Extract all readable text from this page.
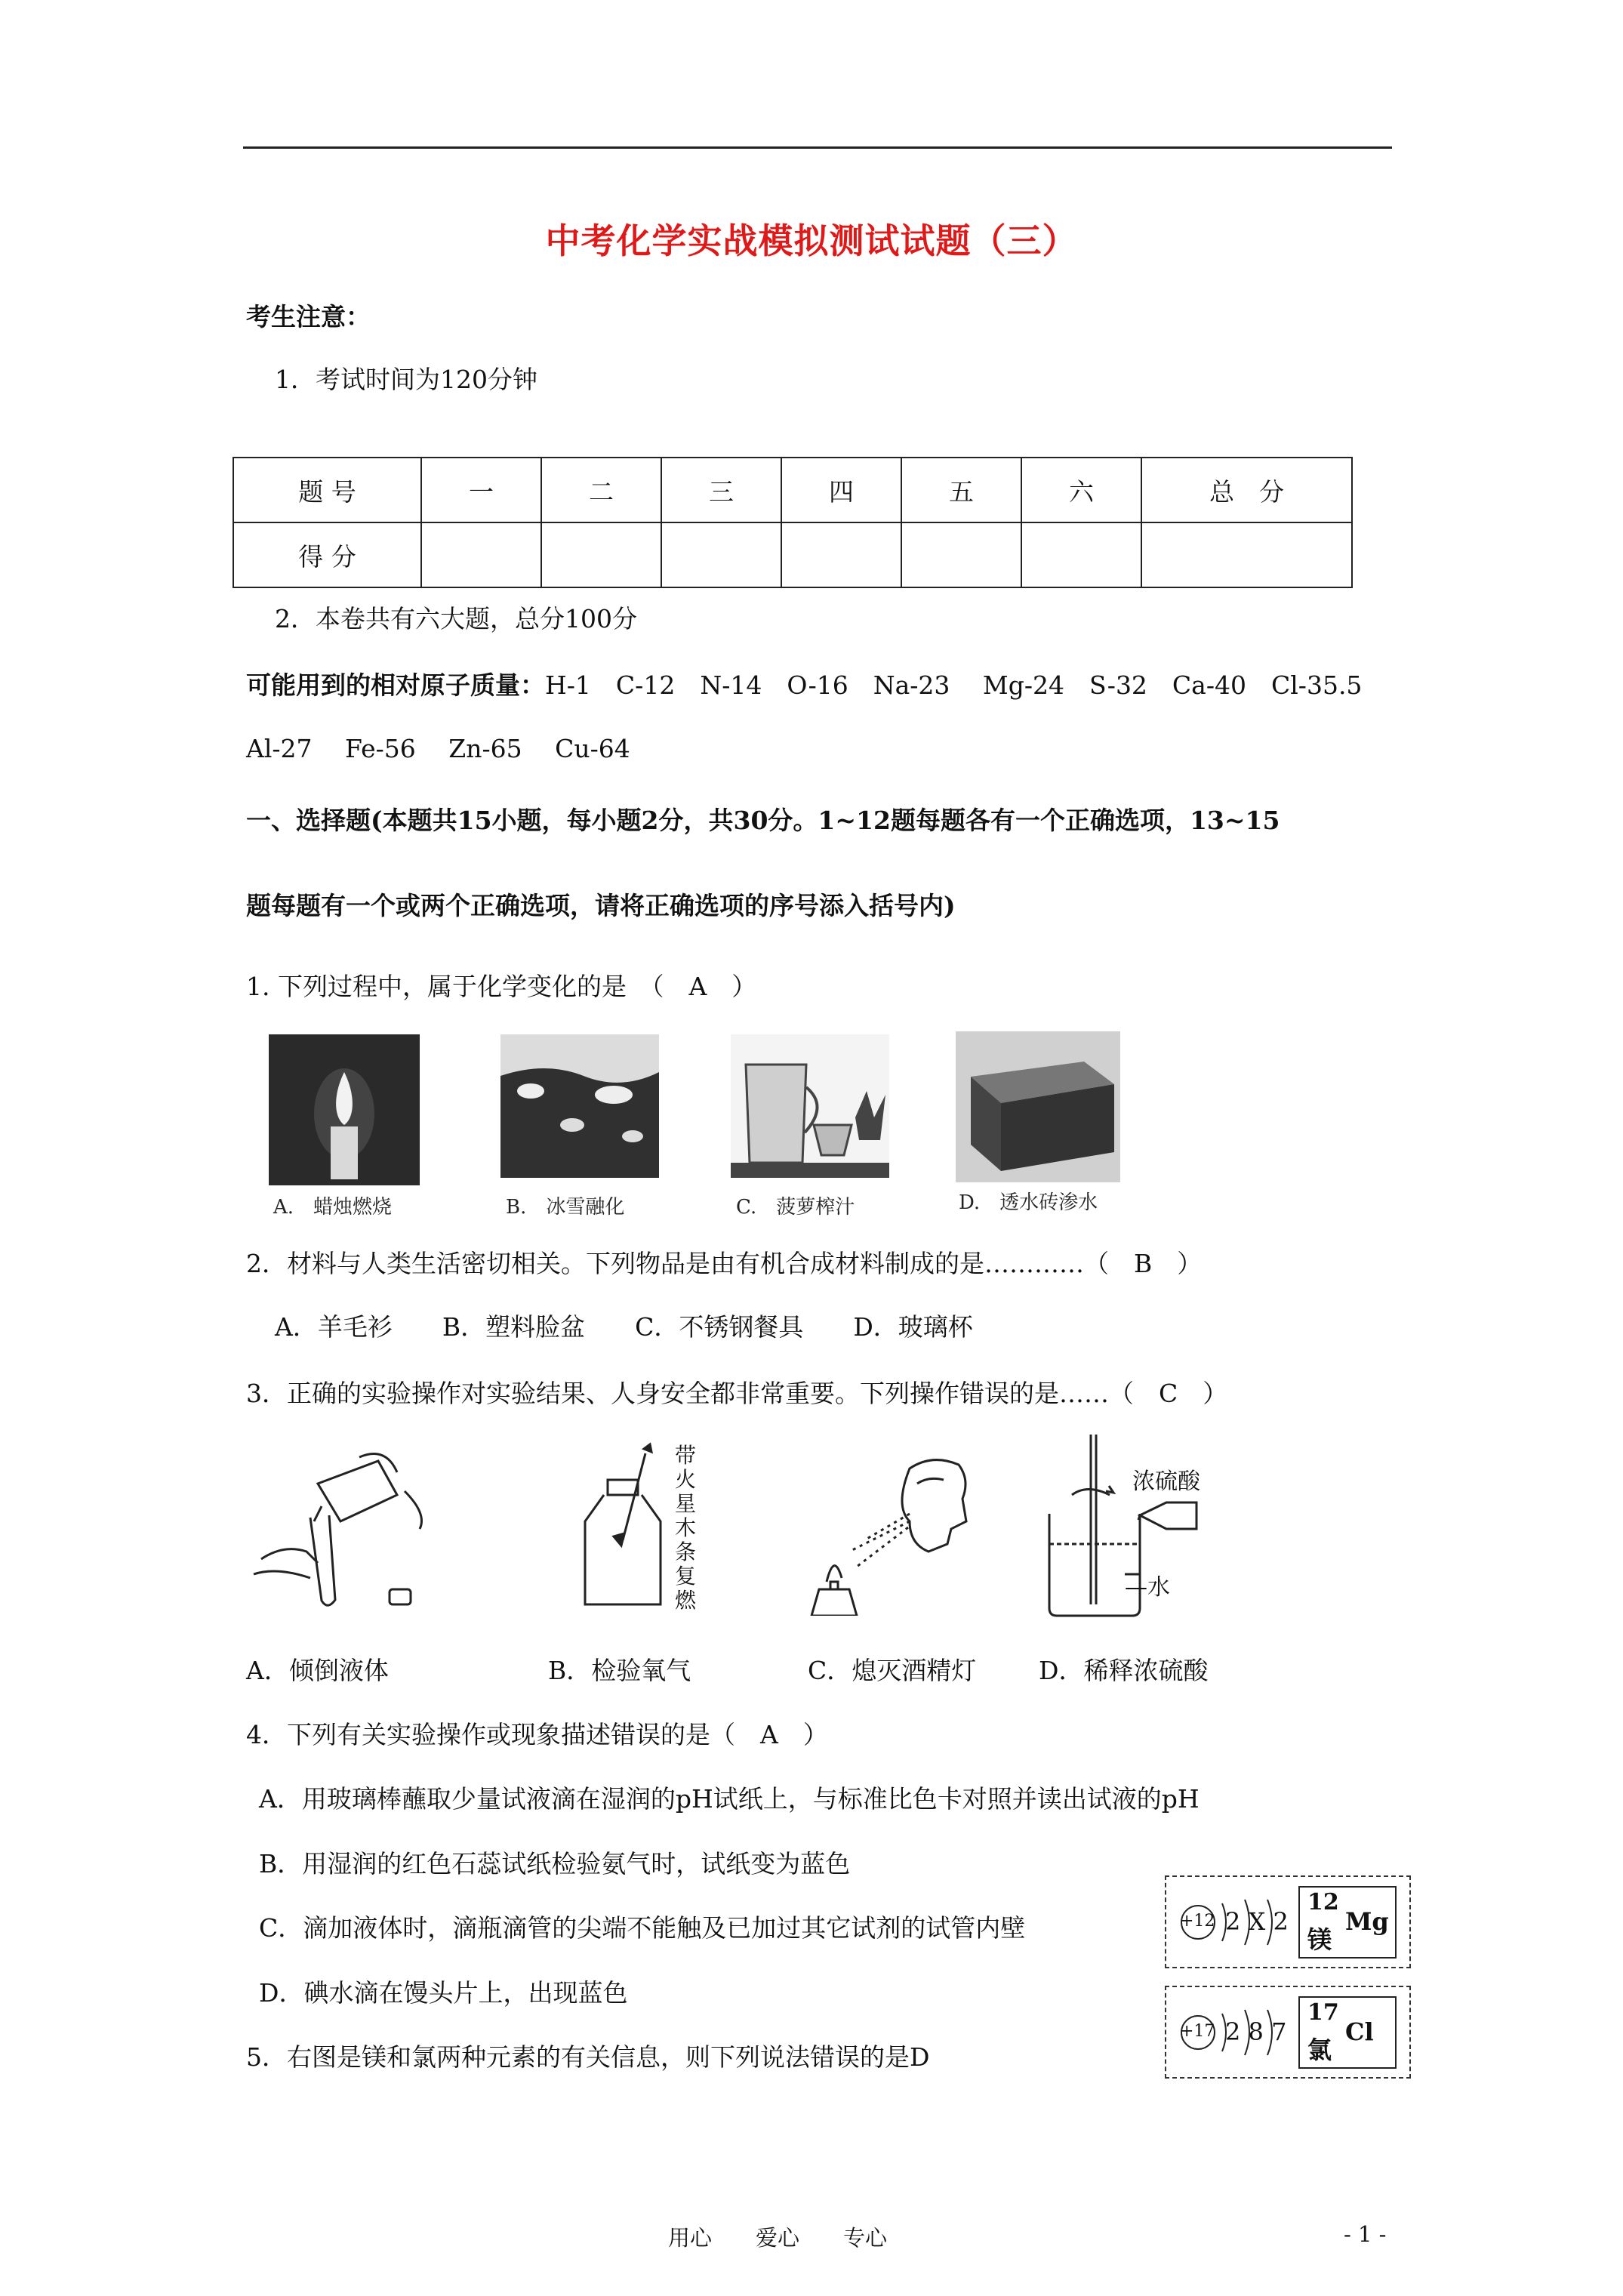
中考化学实战模拟测试试题（三）
考生注意：
1．考试时间为120分钟
题 号	一	二	三	四	五	六	总　分
得 分							
2．本卷共有六大题，总分100分
可能用到的相对原子质量：H-1　C-12　N-14　O-16　Na-23　 Mg-24　S-32　Ca-40　Cl-35.5
Al-27　 Fe-56　 Zn-65　 Cu-64
一、选择题(本题共15小题，每小题2分，共30分。1~12题每题各有一个正确选项，13~15
题每题有一个或两个正确选项，请将正确选项的序号添入括号内)
1. 下列过程中，属于化学变化的是　（　A　）
A.　蜡烛燃烧	B.　冰雪融化	C.　菠萝榨汁	D.　透水砖渗水
2．材料与人类生活密切相关。下列物品是由有机合成材料制成的是…………（　B　）
A．羊毛衫　　B．塑料脸盆　　C．不锈钢餐具　　D．玻璃杯
3．正确的实验操作对实验结果、人身安全都非常重要。下列操作错误的是……（　C　）
带
火
星
木
条
复
燃
浓硫酸
—水
A．倾倒液体	B．检验氧气	C．熄灭酒精灯	D．稀释浓硫酸
4．下列有关实验操作或现象描述错误的是（　A　）
A．用玻璃棒蘸取少量试液滴在湿润的pH试纸上，与标准比色卡对照并读出试液的pH
B．用湿润的红色石蕊试纸检验氨气时，试纸变为蓝色
C．滴加液体时，滴瓶滴管的尖端不能触及已加过其它试剂的试管内壁
D．碘水滴在馒头片上，出现蓝色
5．右图是镁和氯两种元素的有关信息，则下列说法错误的是D
+12 2 X 2
12
镁
Mg
+17 2 8 7
17
氯
Cl
用心　　爱心　　专心	- 1 -
